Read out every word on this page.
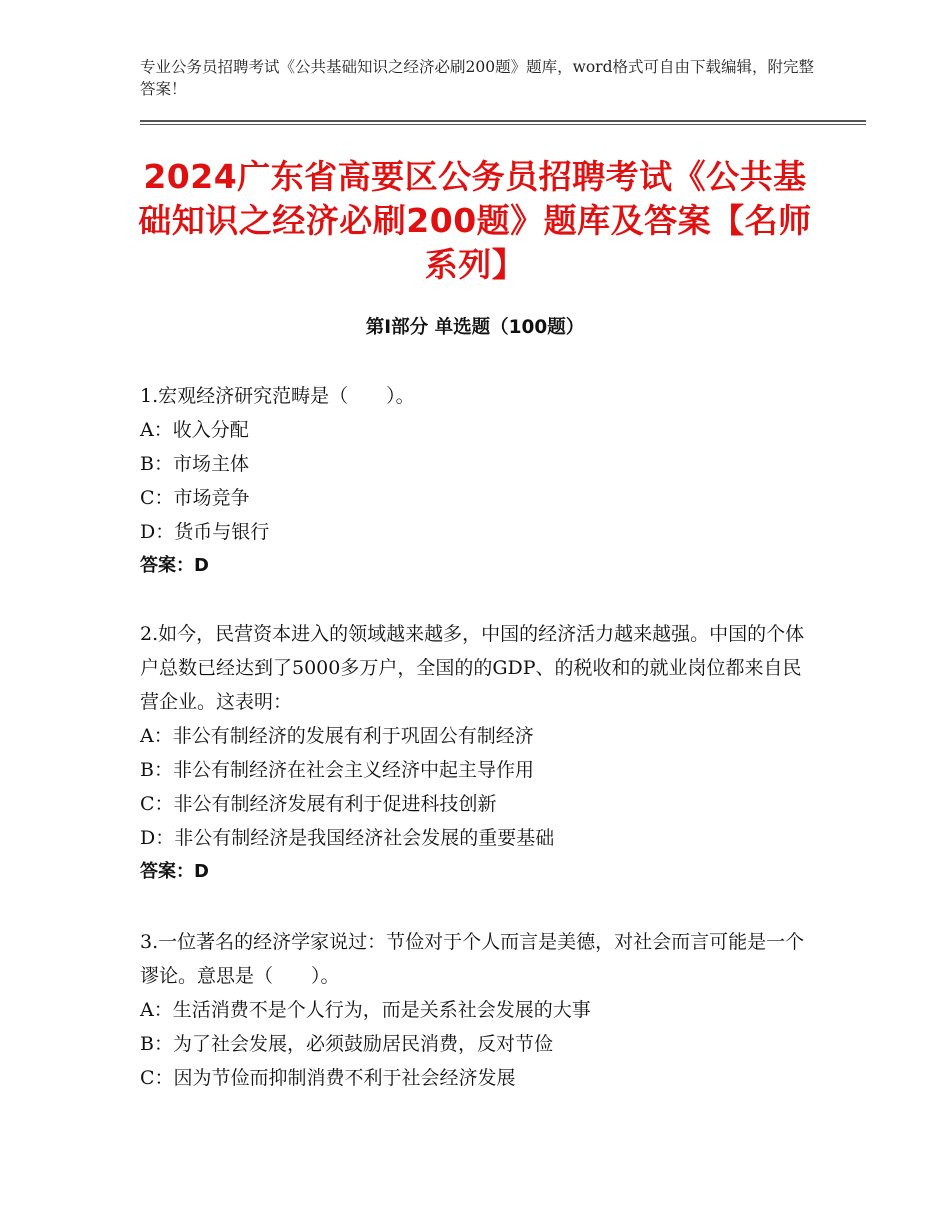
专业公务员招聘考试《公共基础知识之经济必刷200题》题库，word格式可自由下载编辑，附完整答案！
2024广东省高要区公务员招聘考试《公共基础知识之经济必刷200题》题库及答案【名师系列】
第I部分 单选题（100题）

1.宏观经济研究范畴是（　　）。

A：收入分配

B：市场主体

C：市场竞争

D：货币与银行

答案：D

2.如今，民营资本进入的领域越来越多，中国的经济活力越来越强。中国的个体户总数已经达到了5000多万户，全国的的GDP、的税收和的就业岗位都来自民营企业。这表明：

A：非公有制经济的发展有利于巩固公有制经济

B：非公有制经济在社会主义经济中起主导作用

C：非公有制经济发展有利于促进科技创新

D：非公有制经济是我国经济社会发展的重要基础

答案：D

3.一位著名的经济学家说过：节俭对于个人而言是美德，对社会而言可能是一个谬论。意思是（　　）。

A：生活消费不是个人行为，而是关系社会发展的大事

B：为了社会发展，必须鼓励居民消费，反对节俭

C：因为节俭而抑制消费不利于社会经济发展
